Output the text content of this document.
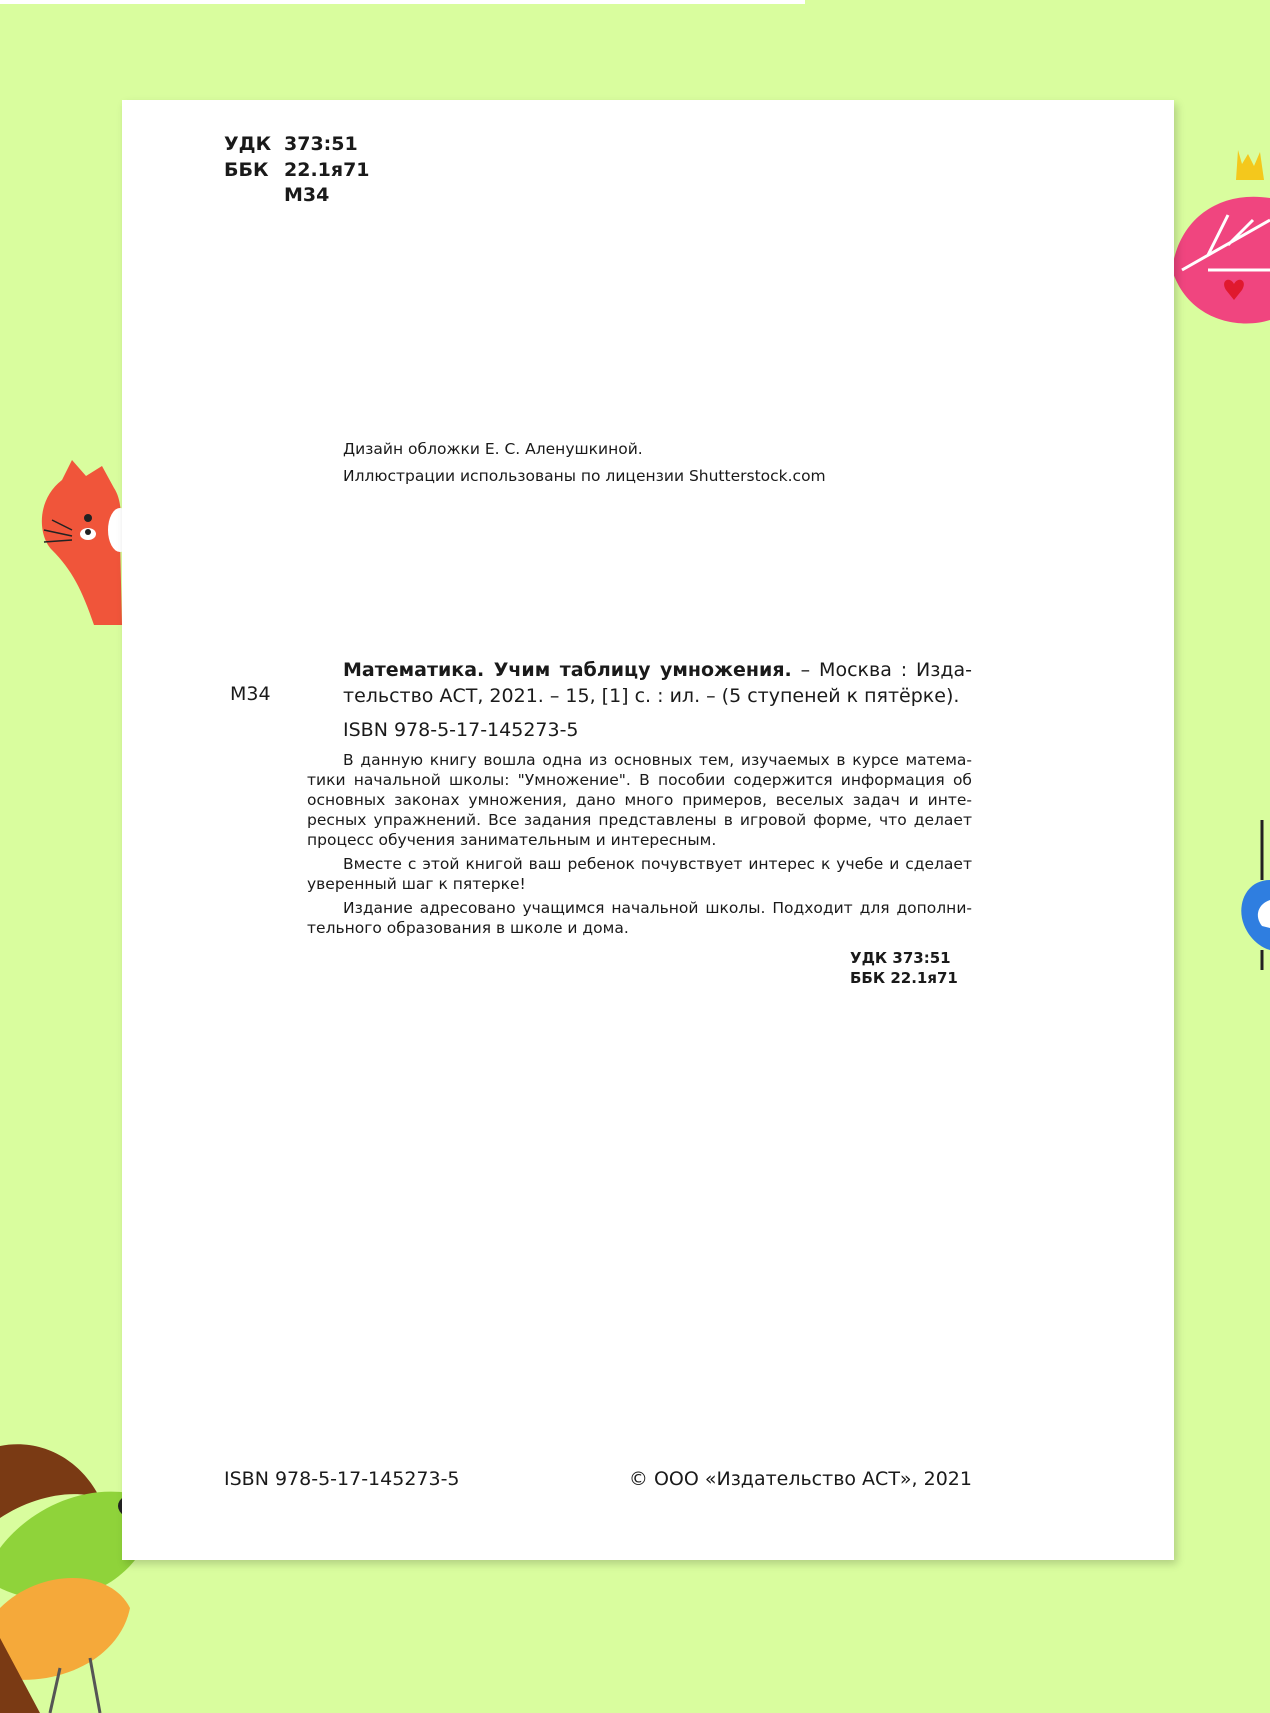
УДК 373:51
ББК 22.1я71
М34
Дизайн обложки Е. С. Аленушкиной.
Иллюстрации использованы по лицензии Shutterstock.com
М34
Математика. Учим таблицу умножения. – Москва : Изда-
тельство АСТ, 2021. – 15, [1] с. : ил. – (5 ступеней к пятёрке).
ISBN 978-5-17-145273-5

В данную книгу вошла одна из основных тем, изучаемых в курсе матема-
тики начальной школы: "Умножение". В пособии содержится информация об
основных законах умножения, дано много примеров, веселых задач и инте-
ресных упражнений. Все задания представлены в игровой форме, что делает
процесс обучения занимательным и интересным.

Вместе с этой книгой ваш ребенок почувствует интерес к учебе и сделает
уверенный шаг к пятерке!

Издание адресовано учащимся начальной школы. Подходит для дополни-
тельного образования в школе и дома.

УДК 373:51
ББК 22.1я71
ISBN 978-5-17-145273-5	© ООО «Издательство АСТ», 2021
